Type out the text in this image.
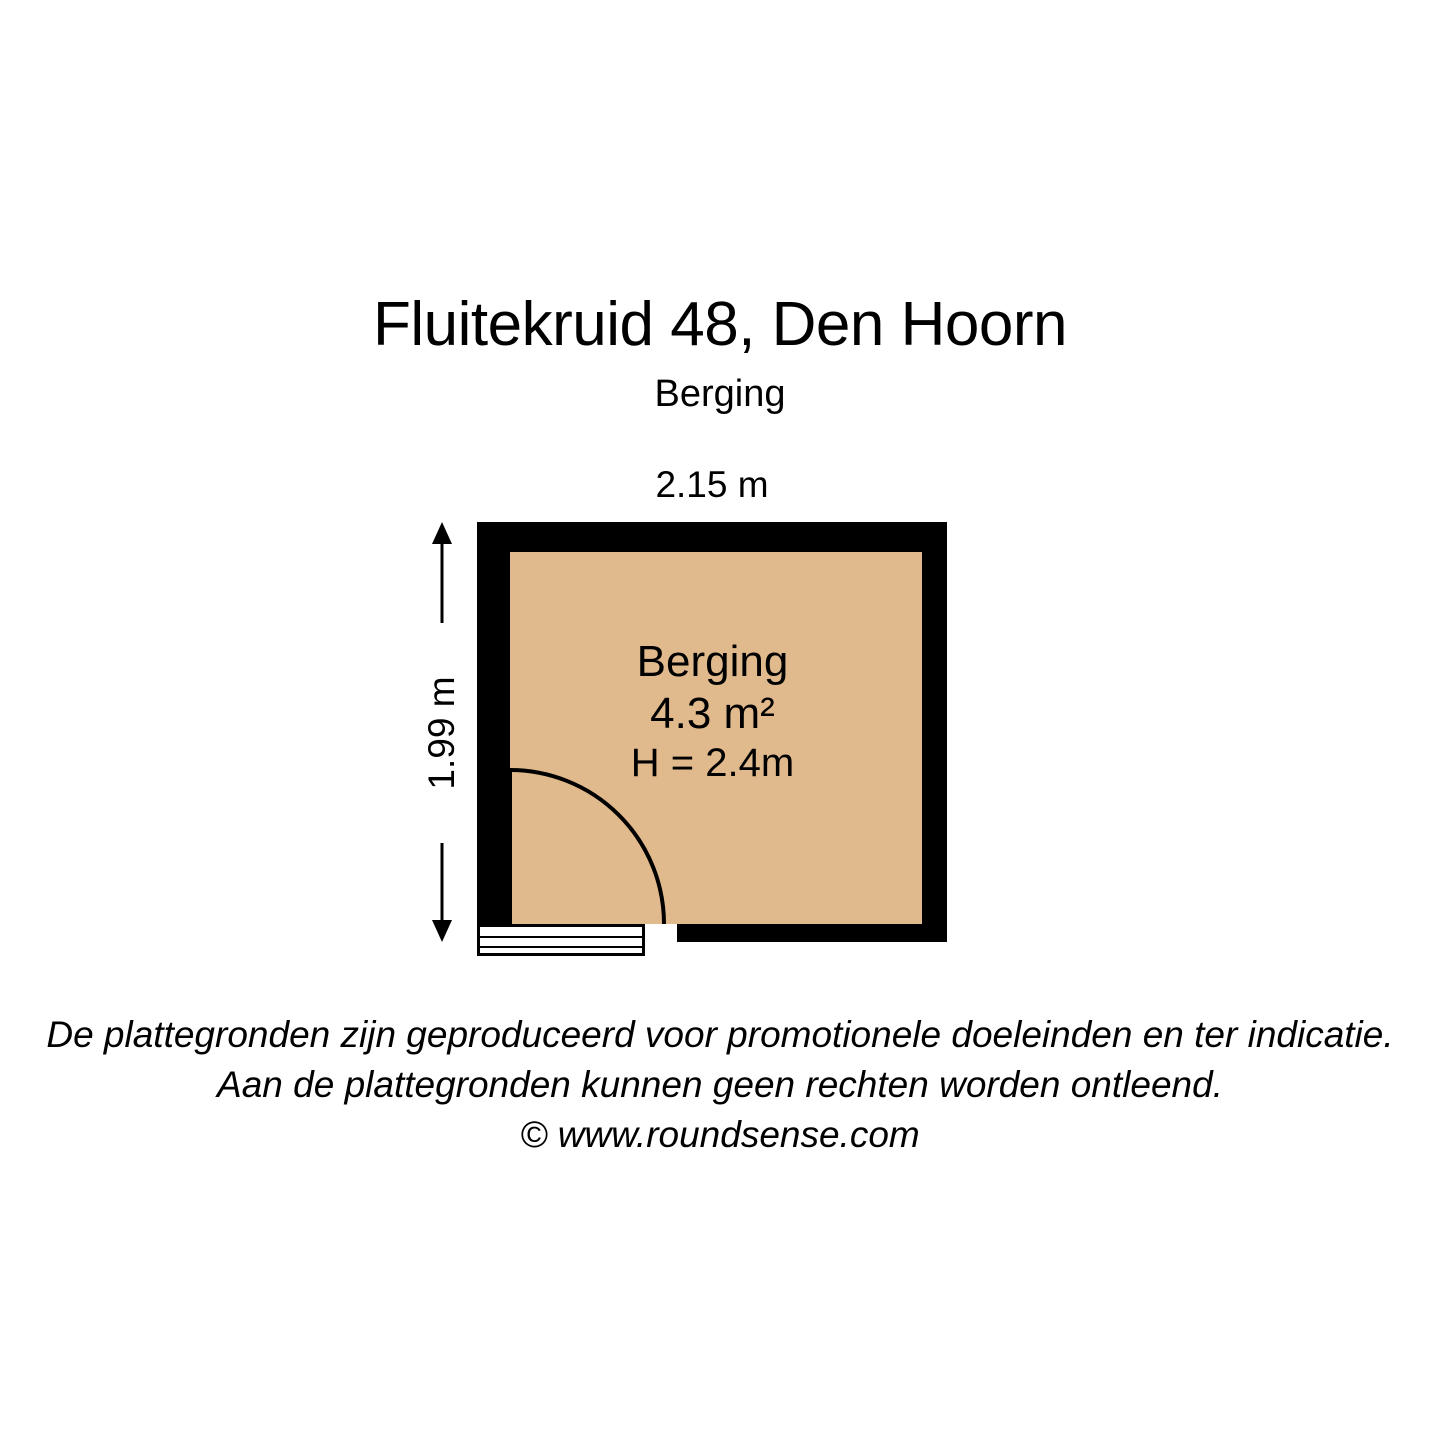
Fluitekruid 48, Den Hoorn
Berging
2.15 m
1.99 m
Berging
4.3 m²
H = 2.4m
De plattegronden zijn geproduceerd voor promotionele doeleinden en ter indicatie.
Aan de plattegronden kunnen geen rechten worden ontleend.
© www.roundsense.com
